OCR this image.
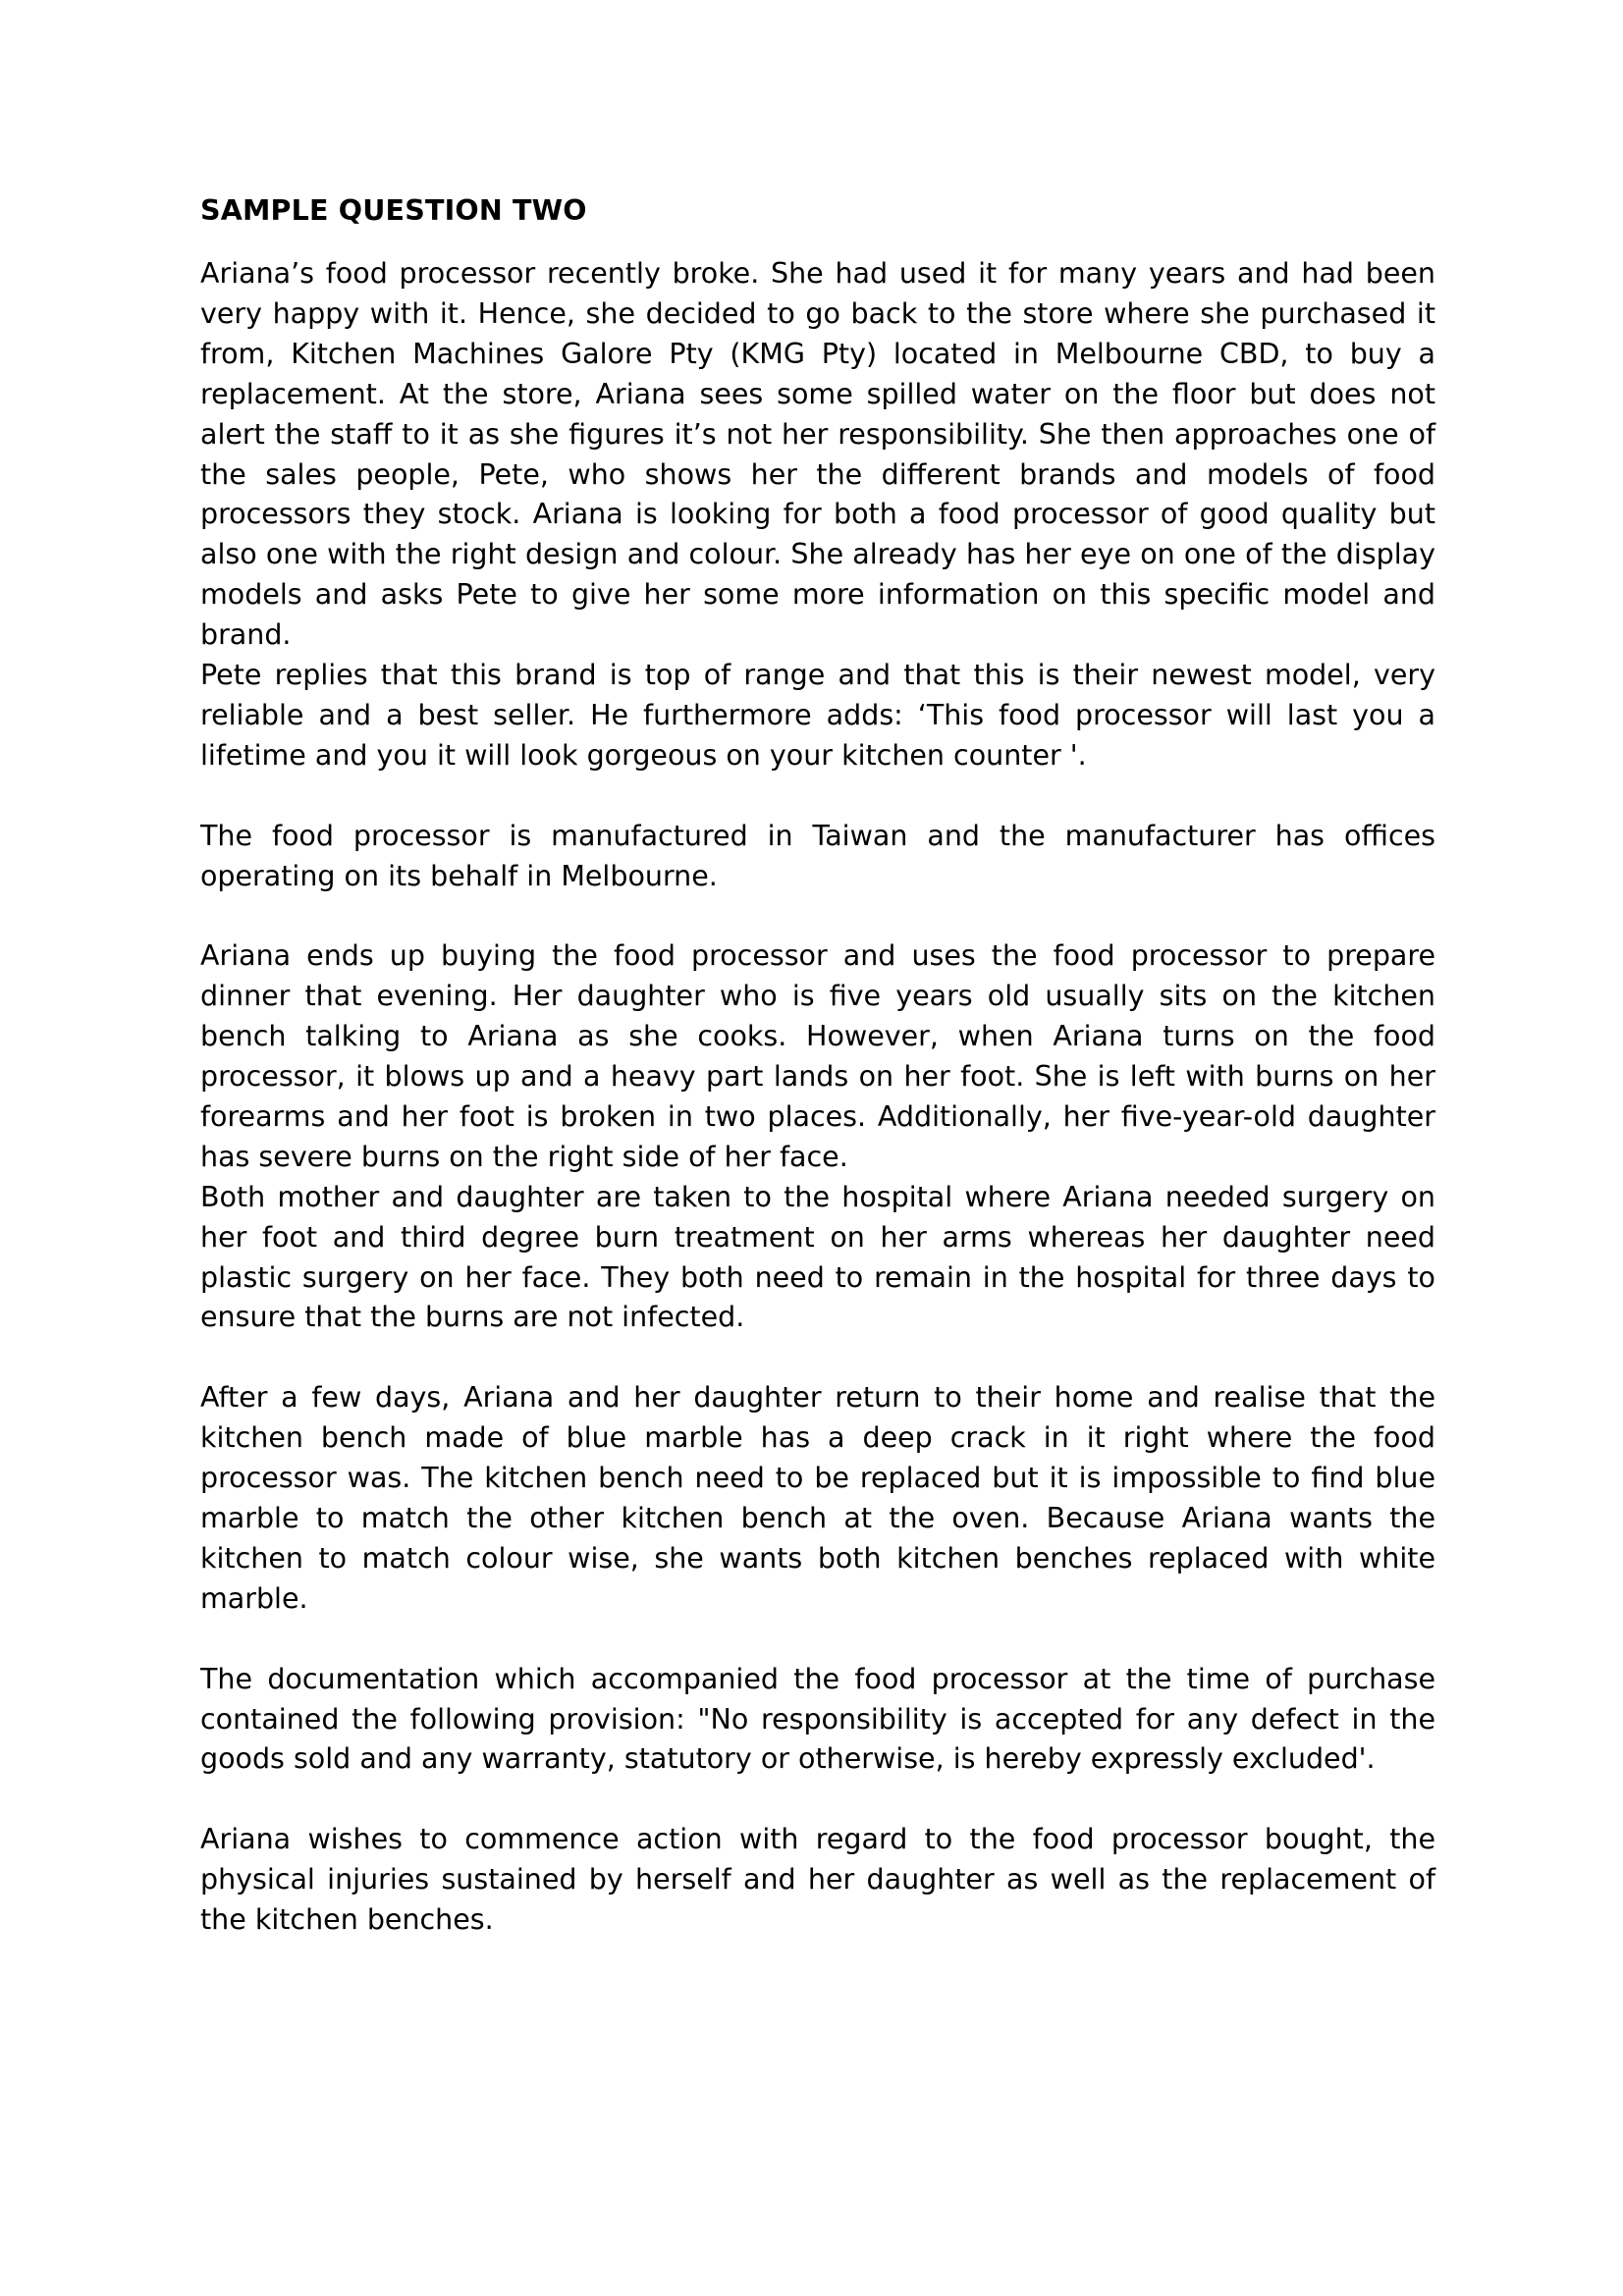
SAMPLE QUESTION TWO

Ariana’s food processor recently broke. She had used it for many years and had been very happy with it. Hence, she decided to go back to the store where she purchased it from, Kitchen Machines Galore Pty (KMG Pty) located in Melbourne CBD, to buy a replacement. At the store, Ariana sees some spilled water on the floor but does not alert the staff to it as she figures it’s not her responsibility. She then approaches one of the sales people, Pete, who shows her the different brands and models of food processors they stock. Ariana is looking for both a food processor of good quality but also one with the right design and colour. She already has her eye on one of the display models and asks Pete to give her some more information on this specific model and brand.

Pete replies that this brand is top of range and that this is their newest model, very reliable and a best seller. He furthermore adds: ‘This food processor will last you a lifetime and you it will look gorgeous on your kitchen counter '.

The food processor is manufactured in Taiwan and the manufacturer has offices operating on its behalf in Melbourne.

Ariana ends up buying the food processor and uses the food processor to prepare dinner that evening. Her daughter who is five years old usually sits on the kitchen bench talking to Ariana as she cooks. However, when Ariana turns on the food processor, it blows up and a heavy part lands on her foot. She is left with burns on her forearms and her foot is broken in two places. Additionally, her five-year-old daughter has severe burns on the right side of her face.

Both mother and daughter are taken to the hospital where Ariana needed surgery on her foot and third degree burn treatment on her arms whereas her daughter need plastic surgery on her face. They both need to remain in the hospital for three days to ensure that the burns are not infected.

After a few days, Ariana and her daughter return to their home and realise that the kitchen bench made of blue marble has a deep crack in it right where the food processor was. The kitchen bench need to be replaced but it is impossible to find blue marble to match the other kitchen bench at the oven. Because Ariana wants the kitchen to match colour wise, she wants both kitchen benches replaced with white marble.

The documentation which accompanied the food processor at the time of purchase contained the following provision: "No responsibility is accepted for any defect in the goods sold and any warranty, statutory or otherwise, is hereby expressly excluded'.

Ariana wishes to commence action with regard to the food processor bought, the physical injuries sustained by herself and her daughter as well as the replacement of the kitchen benches.
